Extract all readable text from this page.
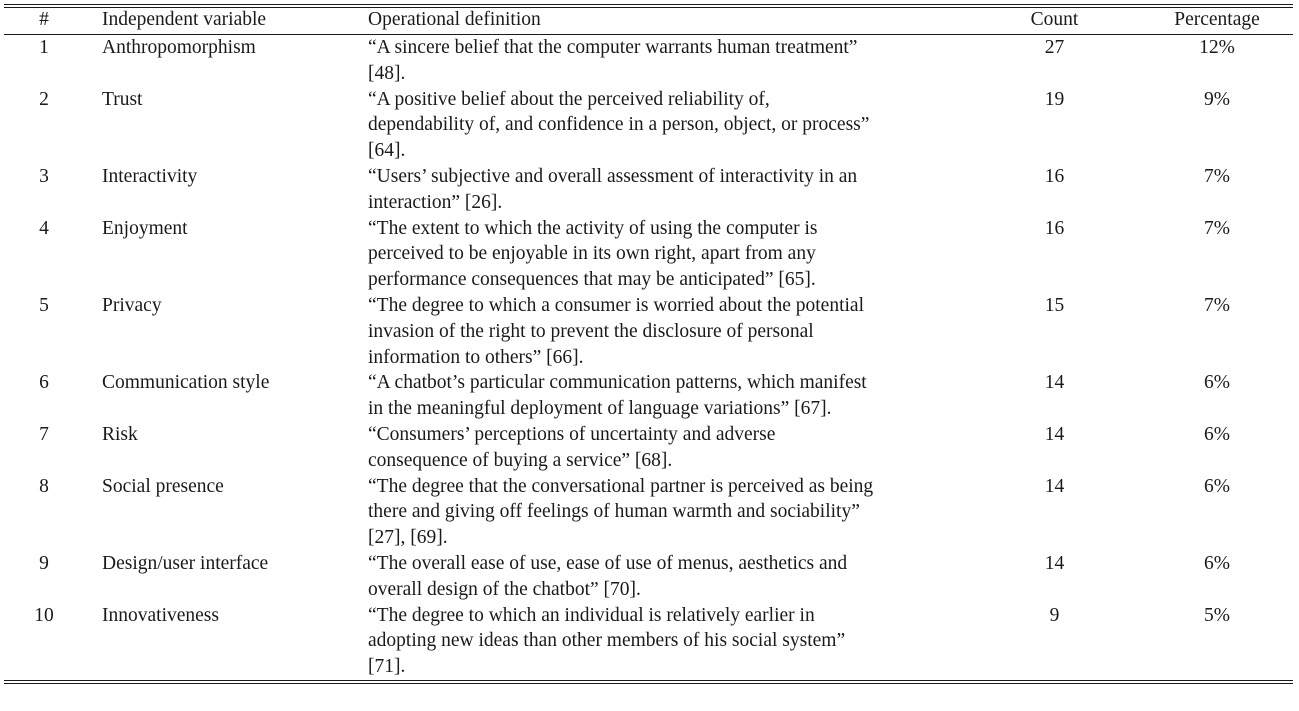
#	Independent variable	Operational definition	Count	Percentage
1	Anthropomorphism	“A sincere belief that the computer warrants human treatment”
[48].
27	12%
2	Trust	“A positive belief about the perceived reliability of,
dependability of, and confidence in a person, object, or process”
[64].
19	9%
3	Interactivity	“Users’ subjective and overall assessment of interactivity in an
interaction” [26].
16	7%
4	Enjoyment	“The extent to which the activity of using the computer is
perceived to be enjoyable in its own right, apart from any
performance consequences that may be anticipated” [65].
16	7%
5	Privacy	“The degree to which a consumer is worried about the potential
invasion of the right to prevent the disclosure of personal
information to others” [66].
15	7%
6	Communication style	“A chatbot’s particular communication patterns, which manifest
in the meaningful deployment of language variations” [67].
14	6%
7	Risk	“Consumers’ perceptions of uncertainty and adverse
consequence of buying a service” [68].
14	6%
8	Social presence	“The degree that the conversational partner is perceived as being
there and giving off feelings of human warmth and sociability”
[27], [69].
14	6%
9	Design/user interface	“The overall ease of use, ease of use of menus, aesthetics and
overall design of the chatbot” [70].
14	6%
10	Innovativeness	“The degree to which an individual is relatively earlier in
adopting new ideas than other members of his social system”
[71].
9	5%
